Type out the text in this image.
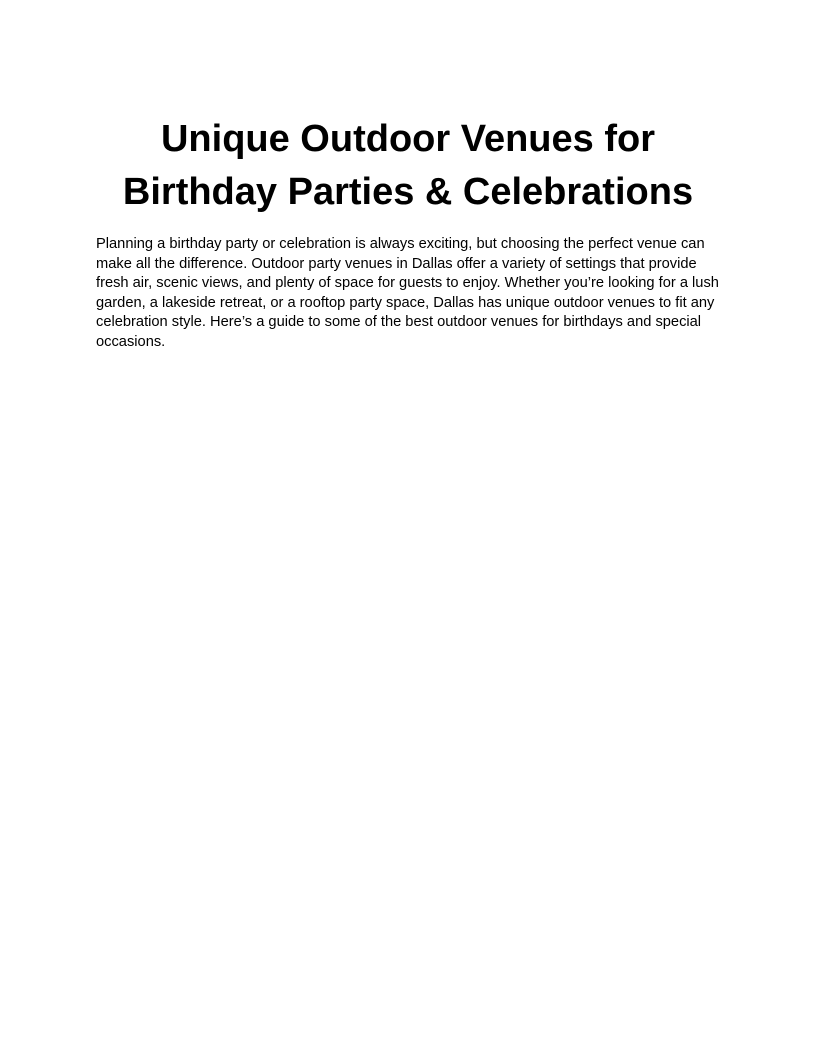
Unique Outdoor Venues for
Birthday Parties & Celebrations

Planning a birthday party or celebration is always exciting, but choosing the perfect venue can
make all the difference. Outdoor party venues in Dallas offer a variety of settings that provide
fresh air, scenic views, and plenty of space for guests to enjoy. Whether you’re looking for a lush
garden, a lakeside retreat, or a rooftop party space, Dallas has unique outdoor venues to fit any
celebration style. Here’s a guide to some of the best outdoor venues for birthdays and special
occasions.
